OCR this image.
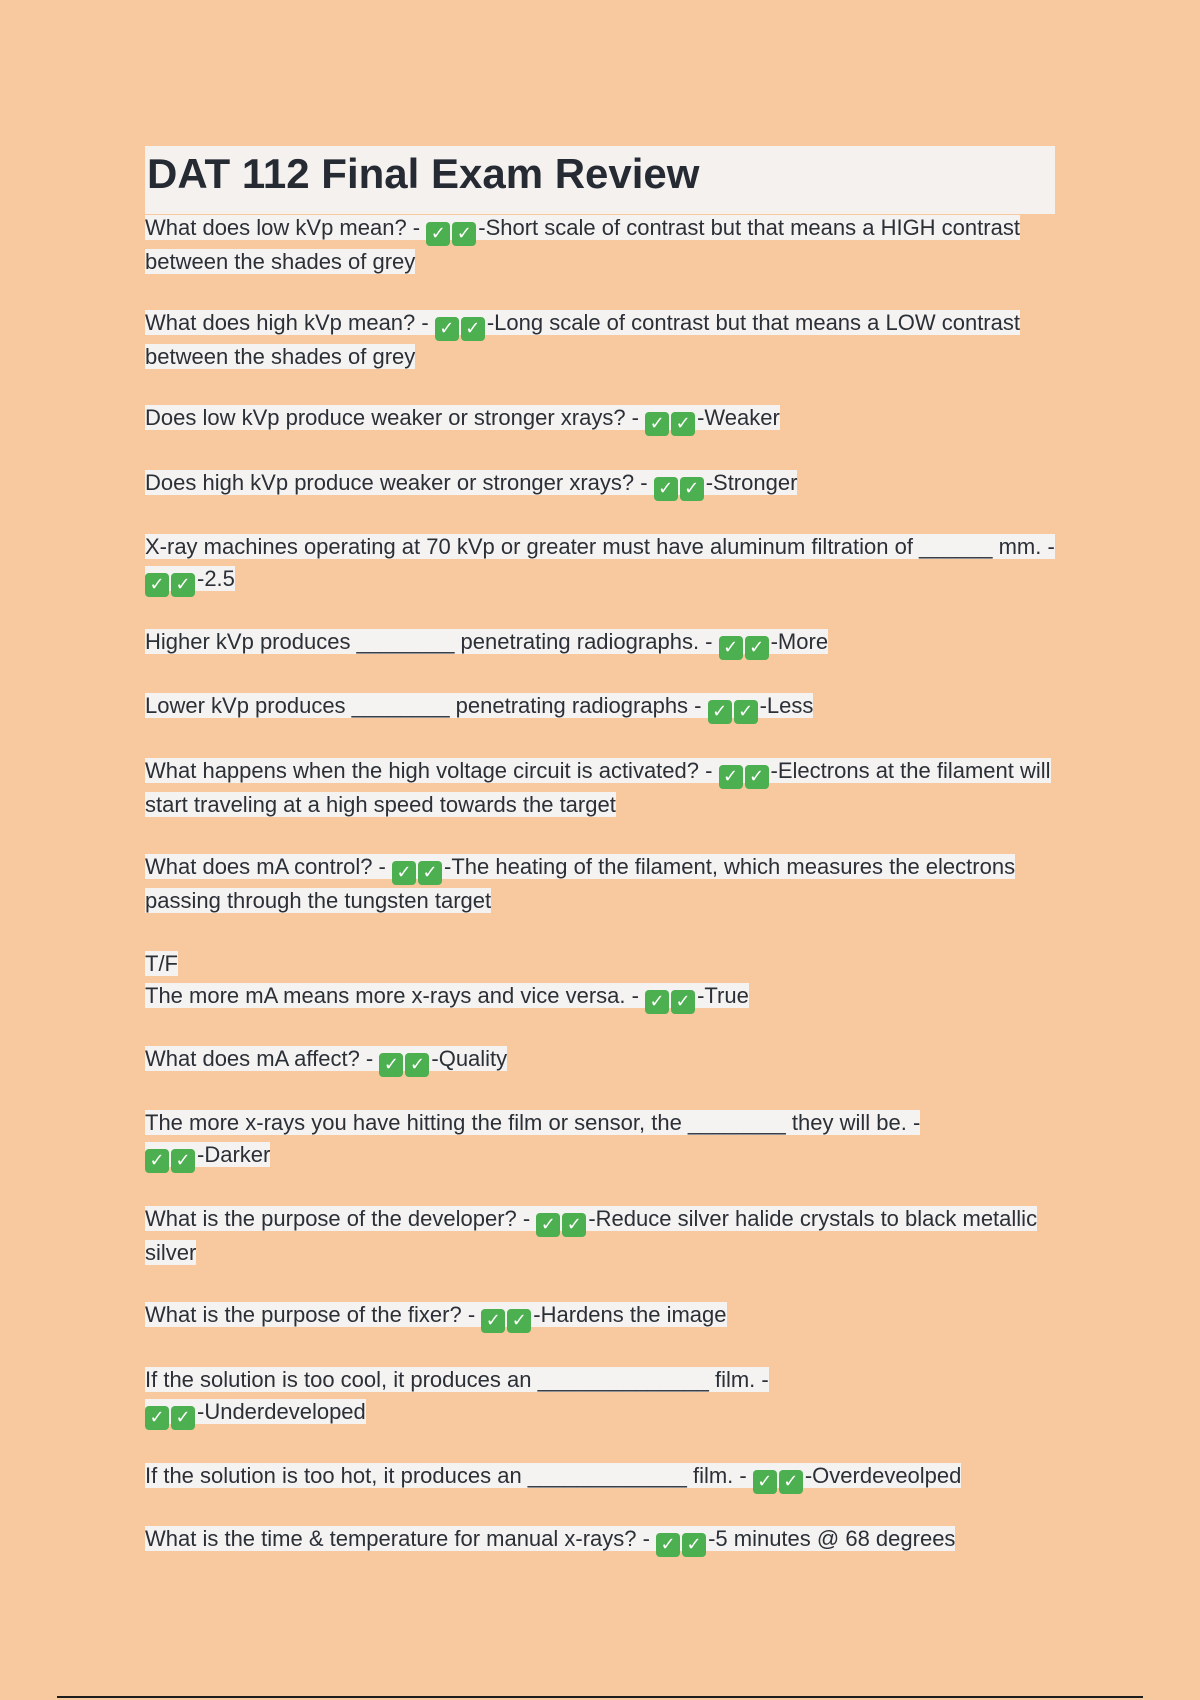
DAT 112 Final Exam Review

What does low kVp mean? - ✓ ✓ -Short scale of contrast but that means a HIGH contrast between the shades of grey

What does high kVp mean? - ✓ ✓ -Long scale of contrast but that means a LOW contrast between the shades of grey

Does low kVp produce weaker or stronger xrays? - ✓ ✓ -Weaker

Does high kVp produce weaker or stronger xrays? - ✓ ✓ -Stronger

X-ray machines operating at 70 kVp or greater must have aluminum filtration of ______ mm. - ✓ ✓ -2.5

Higher kVp produces ________ penetrating radiographs. - ✓ ✓ -More

Lower kVp produces ________ penetrating radiographs - ✓ ✓ -Less

What happens when the high voltage circuit is activated? - ✓ ✓ -Electrons at the filament will start traveling at a high speed towards the target

What does mA control? - ✓ ✓ -The heating of the filament, which measures the electrons passing through the tungsten target

T/F
The more mA means more x-rays and vice versa. - ✓ ✓ -True

What does mA affect? - ✓ ✓ -Quality

The more x-rays you have hitting the film or sensor, the ________ they will be. -
✓ ✓ -Darker

What is the purpose of the developer? - ✓ ✓ -Reduce silver halide crystals to black metallic silver

What is the purpose of the fixer? - ✓ ✓ -Hardens the image

If the solution is too cool, it produces an ______________ film. -
✓ ✓ -Underdeveloped

If the solution is too hot, it produces an _____________ film. - ✓ ✓ -Overdeveolped

What is the time & temperature for manual x-rays? - ✓ ✓ -5 minutes @ 68 degrees
